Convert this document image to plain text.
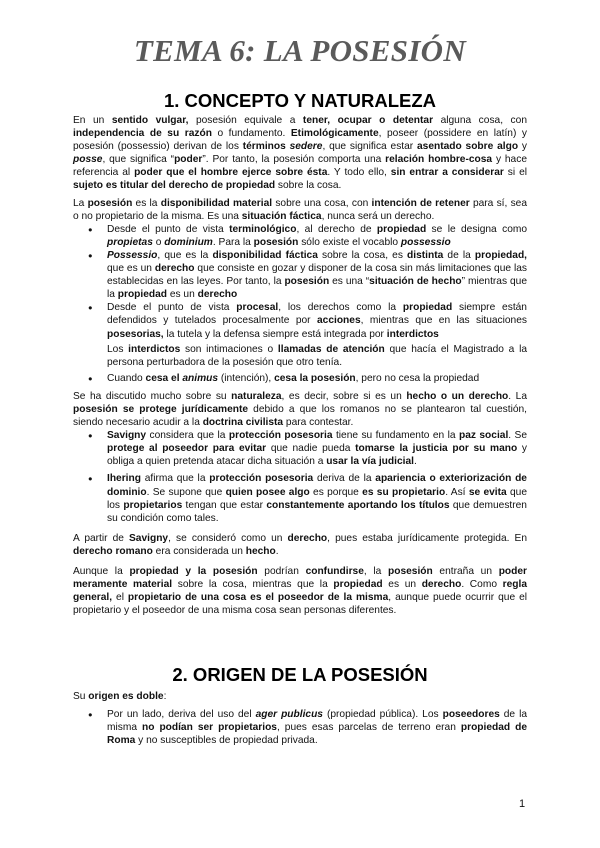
TEMA 6: LA POSESIÓN
1. CONCEPTO Y NATURALEZA

En un sentido vulgar, posesión equivale a tener, ocupar o detentar alguna cosa, con independencia de su razón o fundamento. Etimológicamente, poseer (possidere en latín) y posesión (possessio) derivan de los términos sedere, que significa estar asentado sobre algo y posse, que significa “poder”. Por tanto, la posesión comporta una relación hombre-cosa y hace referencia al poder que el hombre ejerce sobre ésta. Y todo ello, sin entrar a considerar si el sujeto es titular del derecho de propiedad sobre la cosa.

La posesión es la disponibilidad material sobre una cosa, con intención de retener para sí, sea o no propietario de la misma. Es una situación fáctica, nunca será un derecho.

● Desde el punto de vista terminológico, al derecho de propiedad se le designa como propietas o dominium. Para la posesión sólo existe el vocablo possessio
● Possessio, que es la disponibilidad fáctica sobre la cosa, es distinta de la propiedad, que es un derecho que consiste en gozar y disponer de la cosa sin más limitaciones que las establecidas en las leyes. Por tanto, la posesión es una “situación de hecho” mientras que la propiedad es un derecho
● Desde el punto de vista procesal, los derechos como la propiedad siempre están defendidos y tutelados procesalmente por acciones, mientras que en las situaciones posesorias, la tutela y la defensa siempre está integrada por interdictos

Los interdictos son intimaciones o llamadas de atención que hacía el Magistrado a la persona perturbadora de la posesión que otro tenía.

● Cuando cesa el animus (intención), cesa la posesión, pero no cesa la propiedad

Se ha discutido mucho sobre su naturaleza, es decir, sobre si es un hecho o un derecho. La posesión se protege jurídicamente debido a que los romanos no se plantearon tal cuestión, siendo necesario acudir a la doctrina civilista para contestar.

● Savigny considera que la protección posesoria tiene su fundamento en la paz social. Se protege al poseedor para evitar que nadie pueda tomarse la justicia por su mano y obliga a quien pretenda atacar dicha situación a usar la vía judicial.
● Ihering afirma que la protección posesoria deriva de la apariencia o exteriorización de dominio. Se supone que quien posee algo es porque es su propietario. Así se evita que los propietarios tengan que estar constantemente aportando los títulos que demuestren su condición como tales.

A partir de Savigny, se consideró como un derecho, pues estaba jurídicamente protegida. En derecho romano era considerada un hecho.

Aunque la propiedad y la posesión podrían confundirse, la posesión entraña un poder meramente material sobre la cosa, mientras que la propiedad es un derecho. Como regla general, el propietario de una cosa es el poseedor de la misma, aunque puede ocurrir que el propietario y el poseedor de una misma cosa sean personas diferentes.

2. ORIGEN DE LA POSESIÓN

Su origen es doble:

● Por un lado, deriva del uso del ager publicus (propiedad pública). Los poseedores de la misma no podían ser propietarios, pues esas parcelas de terreno eran propiedad de Roma y no susceptibles de propiedad privada.
1
